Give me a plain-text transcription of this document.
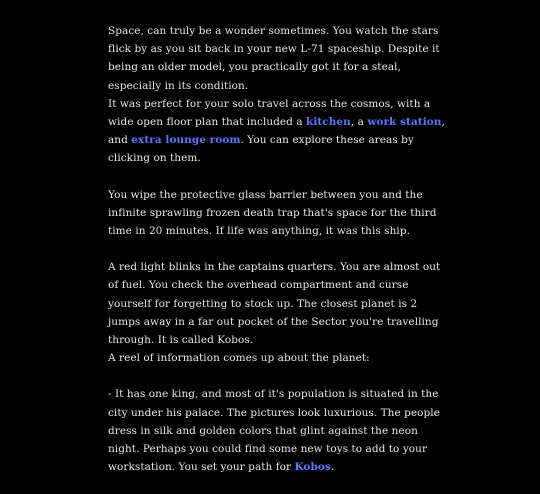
Space, can truly be a wonder sometimes. You watch the stars flick by as you sit back in your new L-71 spaceship. Despite it being an older model, you practically got it for a steal, especially in its condition.

It was perfect for your solo travel across the cosmos, with a wide open floor plan that included a kitchen, a work station, and extra lounge room. You can explore these areas by clicking on them.

You wipe the protective glass barrier between you and the infinite sprawling frozen death trap that's space for the third time in 20 minutes. If life was anything, it was this ship.

A red light blinks in the captains quarters. You are almost out of fuel. You check the overhead compartment and curse yourself for forgetting to stock up. The closest planet is 2 jumps away in a far out pocket of the Sector you're travelling through. It is called Kobos.

A reel of information comes up about the planet:

- It has one king, and most of it's population is situated in the city under his palace. The pictures look luxurious. The people dress in silk and golden colors that glint against the neon night. Perhaps you could find some new toys to add to your workstation. You set your path for Kobos.
